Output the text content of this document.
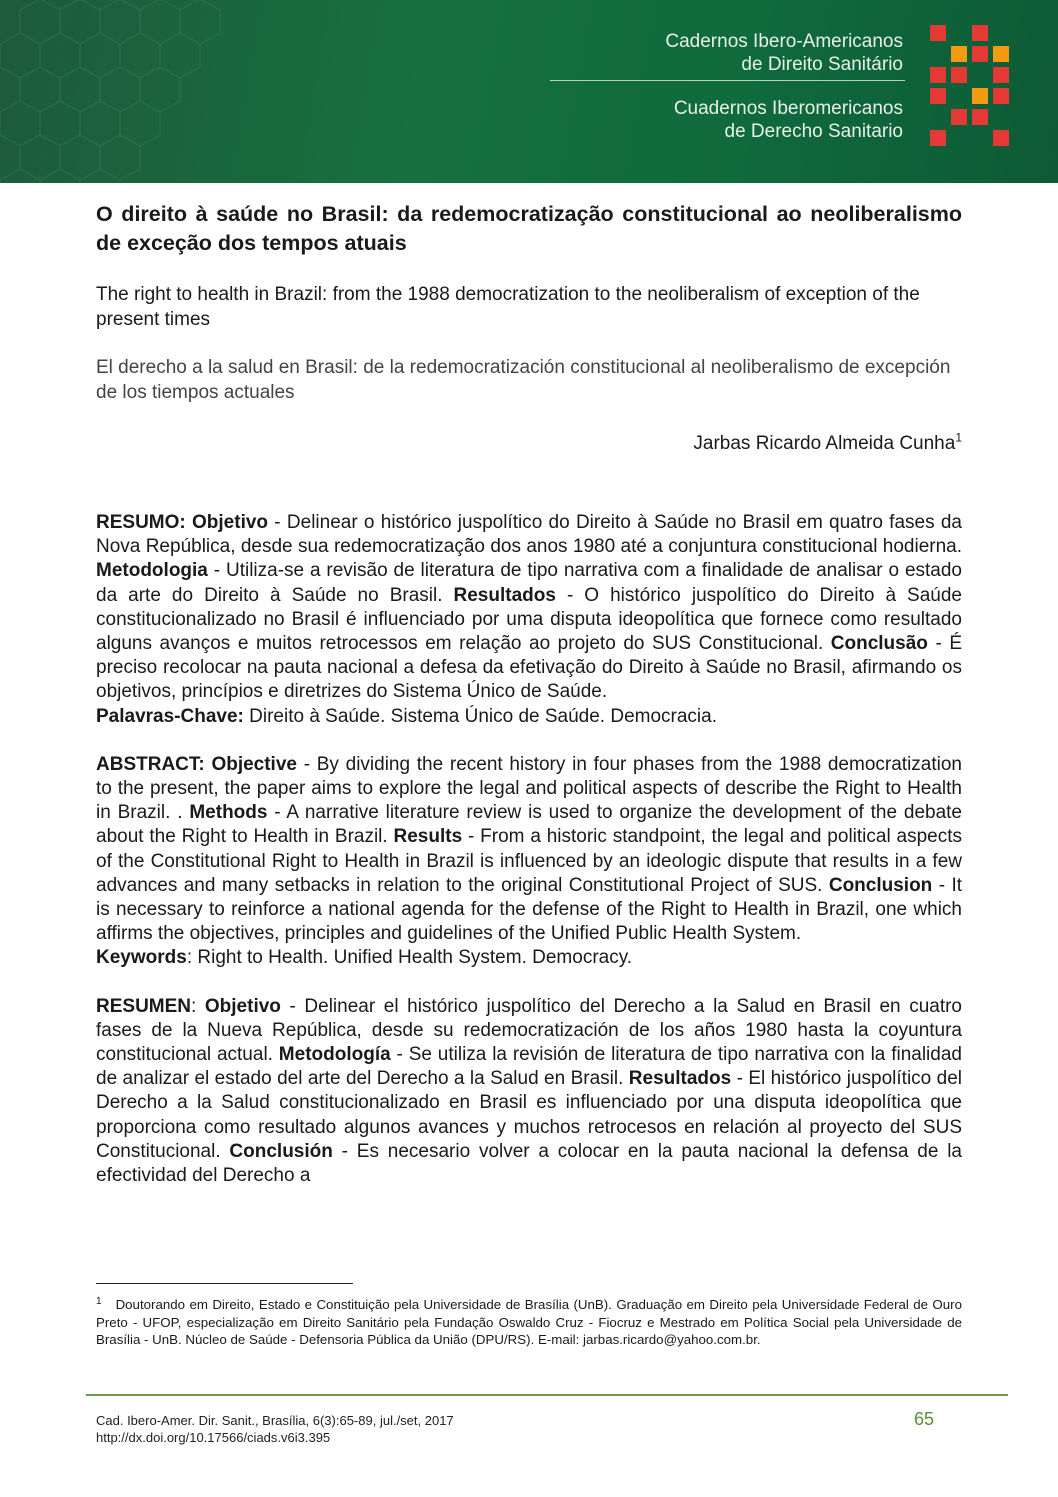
Cadernos Ibero-Americanos
de Direito Sanitário
Cuadernos Iberomericanos
de Derecho Sanitario
O direito à saúde no Brasil: da redemocratização constitucional ao neoliberalismo de exceção dos tempos atuais

The right to health in Brazil: from the 1988 democratization to the neoliberalism of exception of the present times

El derecho a la salud en Brasil: de la redemocratización constitucional al neoliberalismo de excepción de los tiempos actuales

Jarbas Ricardo Almeida Cunha$^1$

RESUMO: Objetivo - Delinear o histórico juspolítico do Direito à Saúde no Brasil em quatro fases da Nova República, desde sua redemocratização dos anos 1980 até a conjuntura constitucional hodierna. Metodologia - Utiliza-se a revisão de literatura de tipo narrativa com a finalidade de analisar o estado da arte do Direito à Saúde no Brasil. Resultados - O histórico juspolítico do Direito à Saúde constitucionalizado no Brasil é influenciado por uma disputa ideopolítica que fornece como resultado alguns avanços e muitos retrocessos em relação ao projeto do SUS Constitucional. Conclusão - É preciso recolocar na pauta nacional a defesa da efetivação do Direito à Saúde no Brasil, afirmando os objetivos, princípios e diretrizes do Sistema Único de Saúde.

Palavras-Chave: Direito à Saúde. Sistema Único de Saúde. Democracia.

ABSTRACT: Objective - By dividing the recent history in four phases from the 1988 democratization to the present, the paper aims to explore the legal and political aspects of describe the Right to Health in Brazil. . Methods - A narrative literature review is used to organize the development of the debate about the Right to Health in Brazil. Results - From a historic standpoint, the legal and political aspects of the Constitutional Right to Health in Brazil is influenced by an ideologic dispute that results in a few advances and many setbacks in relation to the original Constitutional Project of SUS. Conclusion - It is necessary to reinforce a national agenda for the defense of the Right to Health in Brazil, one which affirms the objectives, principles and guidelines of the Unified Public Health System.

Keywords: Right to Health. Unified Health System. Democracy.

RESUMEN: Objetivo - Delinear el histórico juspolítico del Derecho a la Salud en Brasil en cuatro fases de la Nueva República, desde su redemocratización de los años 1980 hasta la coyuntura constitucional actual. Metodología - Se utiliza la revisión de literatura de tipo narrativa con la finalidad de analizar el estado del arte del Derecho a la Salud en Brasil. Resultados - El histórico juspolítico del Derecho a la Salud constitucionalizado en Brasil es influenciado por una disputa ideopolítica que proporciona como resultado algunos avances y muchos retrocesos en relación al proyecto del SUS Constitucional. Conclusión - Es necesario volver a colocar en la pauta nacional la defensa de la efectividad del Derecho a

$^1$ Doutorando em Direito, Estado e Constituição pela Universidade de Brasília (UnB). Graduação em Direito pela Universidade Federal de Ouro Preto - UFOP, especialização em Direito Sanitário pela Fundação Oswaldo Cruz - Fiocruz e Mestrado em Política Social pela Universidade de Brasília - UnB. Núcleo de Saúde - Defensoria Pública da União (DPU/RS). E-mail: jarbas.ricardo@yahoo.com.br.

Cad. Ibero-Amer. Dir. Sanit., Brasília, 6(3):65-89, jul./set, 2017
http://dx.doi.org/10.17566/ciads.v6i3.395
65
